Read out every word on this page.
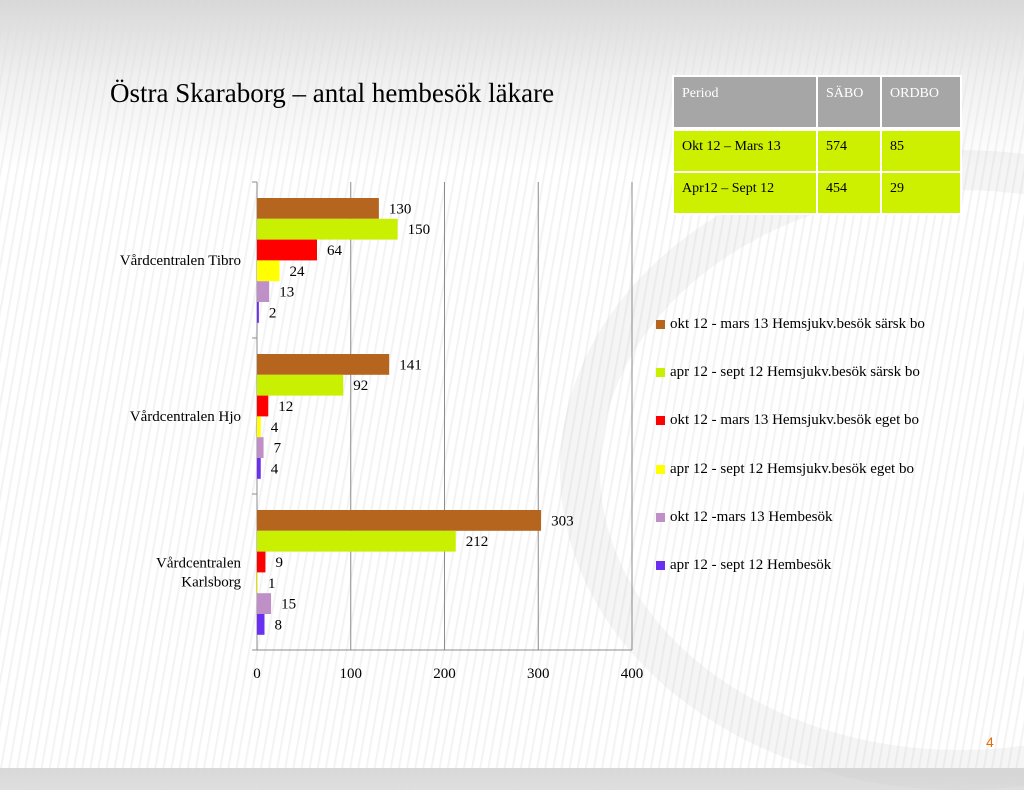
Östra Skaraborg – antal hembesök läkare	Period	SÄBO	ORDBO

Okt 12 – Mars 13	574	85
Apr12 – Sept 12	454	29
0	100	200	300	400
Vårdcentralen Tibro
Vårdcentralen Hjo
Vårdcentralen Karlsborg
130
150
64
24
13
2
141
92
12
4
7
4
303
212
9
1
15
8
okt 12 - mars 13 Hemsjukv.besök särsk bo
apr 12 - sept 12 Hemsjukv.besök särsk bo
okt 12 - mars 13 Hemsjukv.besök eget bo
apr 12 - sept 12 Hemsjukv.besök eget bo
okt 12 -mars 13 Hembesök
apr 12 - sept 12 Hembesök
4
